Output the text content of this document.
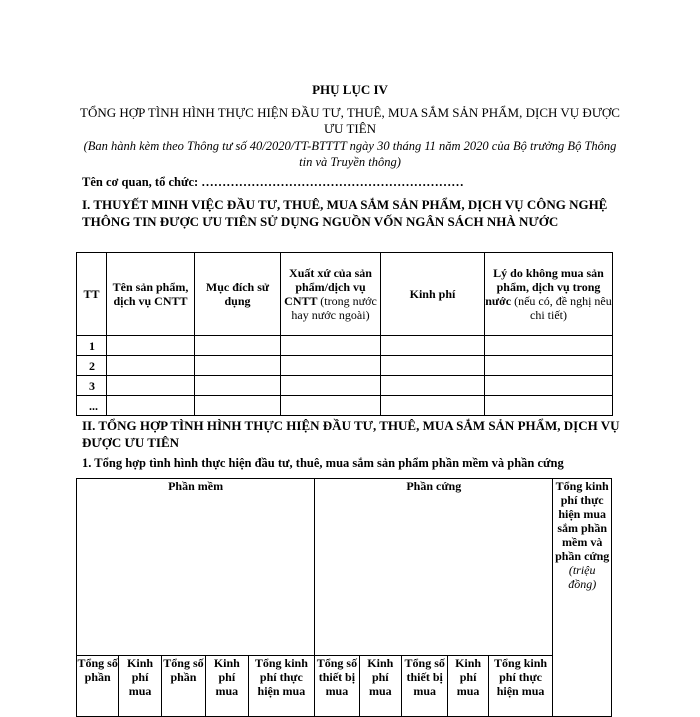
PHỤ LỤC IV
TỔNG HỢP TÌNH HÌNH THỰC HIỆN ĐẦU TƯ, THUÊ, MUA SẮM SẢN PHẨM, DỊCH VỤ ĐƯỢC ƯU TIÊN
(Ban hành kèm theo Thông tư số 40/2020/TT-BTTTT ngày 30 tháng 11 năm 2020 của Bộ trưởng Bộ Thông tin và Truyền thông)
Tên cơ quan, tổ chức: ………………………………………………………
I. THUYẾT MINH VIỆC ĐẦU TƯ, THUÊ, MUA SẮM SẢN PHẨM, DỊCH VỤ CÔNG NGHỆ THÔNG TIN ĐƯỢC ƯU TIÊN SỬ DỤNG NGUỒN VỐN NGÂN SÁCH NHÀ NƯỚC
TT	Tên sản phẩm, dịch vụ CNTT	Mục đích sử dụng	Xuất xứ của sản phẩm/dịch vụ CNTT (trong nước hay nước ngoài)	Kinh phí	Lý do không mua sản phẩm, dịch vụ trong nước (nếu có, đề nghị nêu chi tiết)
1					
2					
3					
...					
II. TỔNG HỢP TÌNH HÌNH THỰC HIỆN ĐẦU TƯ, THUÊ, MUA SẮM SẢN PHẨM, DỊCH VỤ ĐƯỢC ƯU TIÊN
1. Tổng hợp tình hình thực hiện đầu tư, thuê, mua sắm sản phẩm phần mềm và phần cứng
Phần mềm					Phần cứng					Tổng kinh phí thực hiện mua sắm phần mềm và phần cứng (triệu đồng)
Tổng số phần	Kinh phí mua	Tổng số phần	Kinh phí mua	Tổng kinh phí thực hiện mua	Tổng số thiết bị mua	Kinh phí mua	Tổng số thiết bị mua	Kinh phí mua	Tổng kinh phí thực hiện mua	
